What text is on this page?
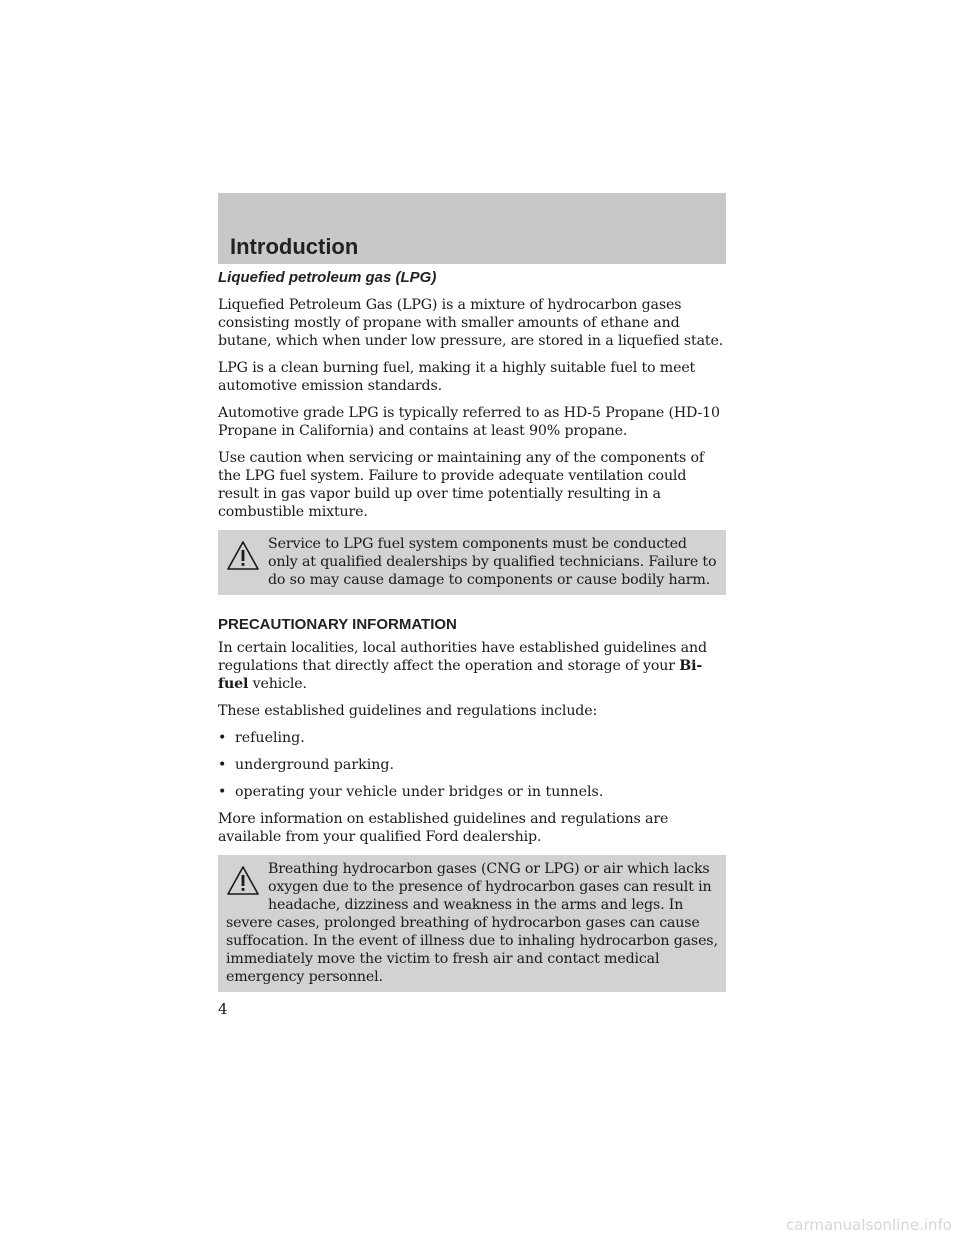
Introduction
Liquefied petroleum gas (LPG)

Liquefied Petroleum Gas (LPG) is a mixture of hydrocarbon gases consisting mostly of propane with smaller amounts of ethane and butane, which when under low pressure, are stored in a liquefied state.

LPG is a clean burning fuel, making it a highly suitable fuel to meet automotive emission standards.

Automotive grade LPG is typically referred to as HD-5 Propane (HD-10 Propane in California) and contains at least 90% propane.

Use caution when servicing or maintaining any of the components of the LPG fuel system. Failure to provide adequate ventilation could result in gas vapor build up over time potentially resulting in a combustible mixture.

Service to LPG fuel system components must be conducted only at qualified dealerships by qualified technicians. Failure to do so may cause damage to components or cause bodily harm.
PRECAUTIONARY INFORMATION

In certain localities, local authorities have established guidelines and regulations that directly affect the operation and storage of your Bi-fuel vehicle.

These established guidelines and regulations include:

• refueling.
• underground parking.
• operating your vehicle under bridges or in tunnels.

More information on established guidelines and regulations are available from your qualified Ford dealership.

Breathing hydrocarbon gases (CNG or LPG) or air which lacks oxygen due to the presence of hydrocarbon gases can result in headache, dizziness and weakness in the arms and legs. In severe cases, prolonged breathing of hydrocarbon gases can cause suffocation. In the event of illness due to inhaling hydrocarbon gases, immediately move the victim to fresh air and contact medical emergency personnel.
4
carmanualsonline.info
